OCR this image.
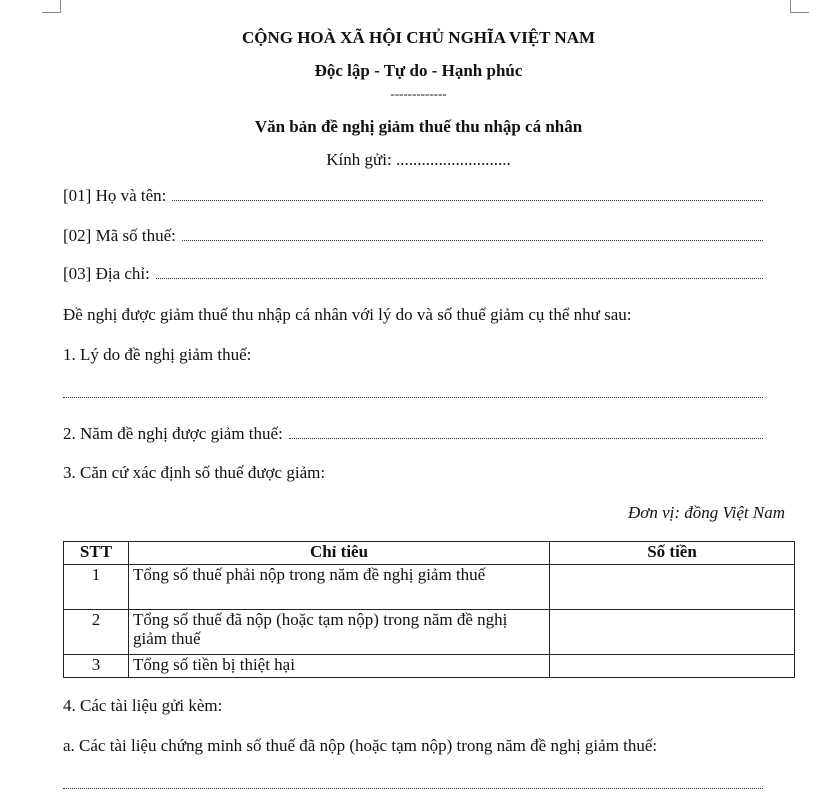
CỘNG HOÀ XÃ HỘI CHỦ NGHĨA VIỆT NAM
Độc lập - Tự do - Hạnh phúc
-------------
Văn bản đề nghị giảm thuế thu nhập cá nhân
Kính gửi: ...........................
[01] Họ và tên:
[02] Mã số thuế:
[03] Địa chỉ:
Đề nghị được giảm thuế thu nhập cá nhân với lý do và số thuế giảm cụ thể như sau:
1. Lý do đề nghị giảm thuế:
2. Năm đề nghị được giảm thuế:
3. Căn cứ xác định số thuế được giảm:
Đơn vị: đồng Việt Nam
STT	Chỉ tiêu	Số tiền
1	Tổng số thuế phải nộp trong năm đề nghị giảm thuế	
2	Tổng số thuế đã nộp (hoặc tạm nộp) trong năm đề nghị giảm thuế	
3	Tổng số tiền bị thiệt hại	
4. Các tài liệu gửi kèm:
a. Các tài liệu chứng minh số thuế đã nộp (hoặc tạm nộp) trong năm đề nghị giảm thuế:
